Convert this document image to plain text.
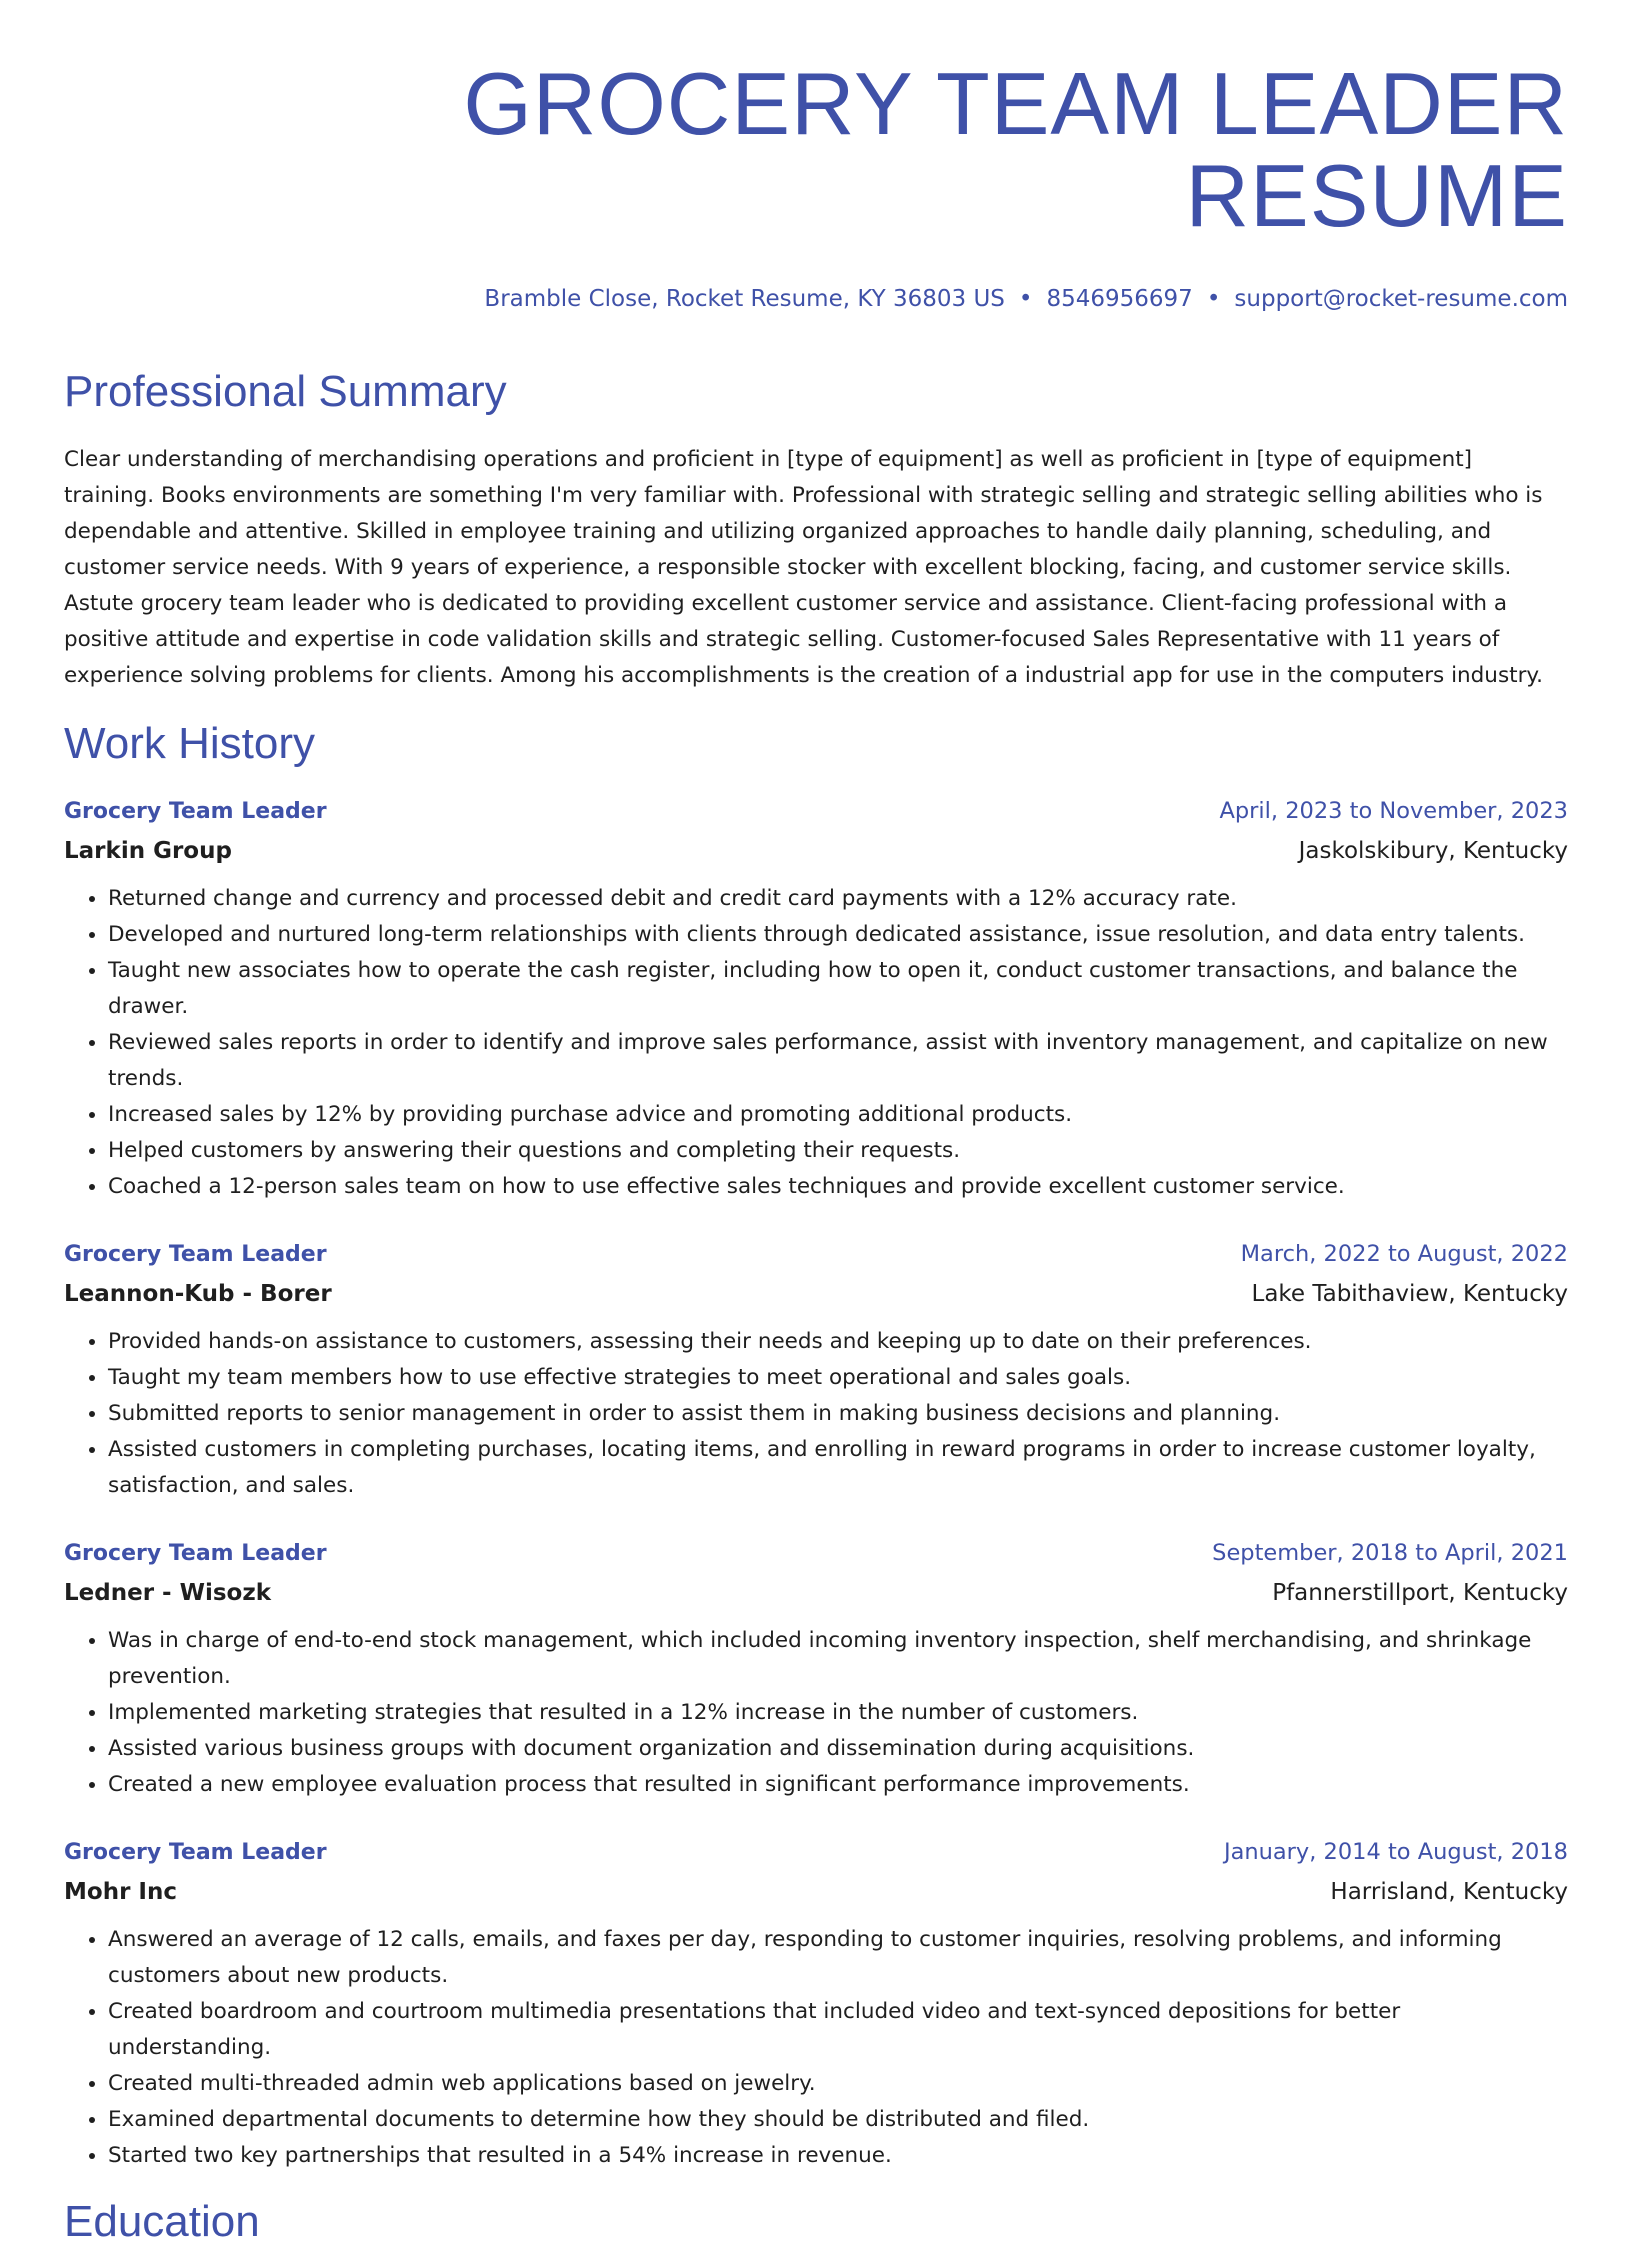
GROCERY TEAM LEADER RESUME
Bramble Close, Rocket Resume, KY 36803 US • 8546956697 • support@rocket-resume.com
Professional Summary
Clear understanding of merchandising operations and proficient in [type of equipment] as well as proficient in [type of equipment] training. Books environments are something I'm very familiar with. Professional with strategic selling and strategic selling abilities who is dependable and attentive. Skilled in employee training and utilizing organized approaches to handle daily planning, scheduling, and customer service needs. With 9 years of experience, a responsible stocker with excellent blocking, facing, and customer service skills. Astute grocery team leader who is dedicated to providing excellent customer service and assistance. Client-facing professional with a positive attitude and expertise in code validation skills and strategic selling. Customer-focused Sales Representative with 11 years of experience solving problems for clients. Among his accomplishments is the creation of a industrial app for use in the computers industry.
Work History
Grocery Team Leader	April, 2023 to November, 2023
Larkin Group	Jaskolskibury, Kentucky
• Returned change and currency and processed debit and credit card payments with a 12% accuracy rate.
• Developed and nurtured long-term relationships with clients through dedicated assistance, issue resolution, and data entry talents.
• Taught new associates how to operate the cash register, including how to open it, conduct customer transactions, and balance the drawer.
• Reviewed sales reports in order to identify and improve sales performance, assist with inventory management, and capitalize on new trends.
• Increased sales by 12% by providing purchase advice and promoting additional products.
• Helped customers by answering their questions and completing their requests.
• Coached a 12-person sales team on how to use effective sales techniques and provide excellent customer service.
Grocery Team Leader	March, 2022 to August, 2022
Leannon-Kub - Borer	Lake Tabithaview, Kentucky
• Provided hands-on assistance to customers, assessing their needs and keeping up to date on their preferences.
• Taught my team members how to use effective strategies to meet operational and sales goals.
• Submitted reports to senior management in order to assist them in making business decisions and planning.
• Assisted customers in completing purchases, locating items, and enrolling in reward programs in order to increase customer loyalty, satisfaction, and sales.
Grocery Team Leader	September, 2018 to April, 2021
Ledner - Wisozk	Pfannerstillport, Kentucky
• Was in charge of end-to-end stock management, which included incoming inventory inspection, shelf merchandising, and shrinkage prevention.
• Implemented marketing strategies that resulted in a 12% increase in the number of customers.
• Assisted various business groups with document organization and dissemination during acquisitions.
• Created a new employee evaluation process that resulted in significant performance improvements.
Grocery Team Leader	January, 2014 to August, 2018
Mohr Inc	Harrisland, Kentucky
• Answered an average of 12 calls, emails, and faxes per day, responding to customer inquiries, resolving problems, and informing customers about new products.
• Created boardroom and courtroom multimedia presentations that included video and text-synced depositions for better understanding.
• Created multi-threaded admin web applications based on jewelry.
• Examined departmental documents to determine how they should be distributed and filed.
• Started two key partnerships that resulted in a 54% increase in revenue.
Education
